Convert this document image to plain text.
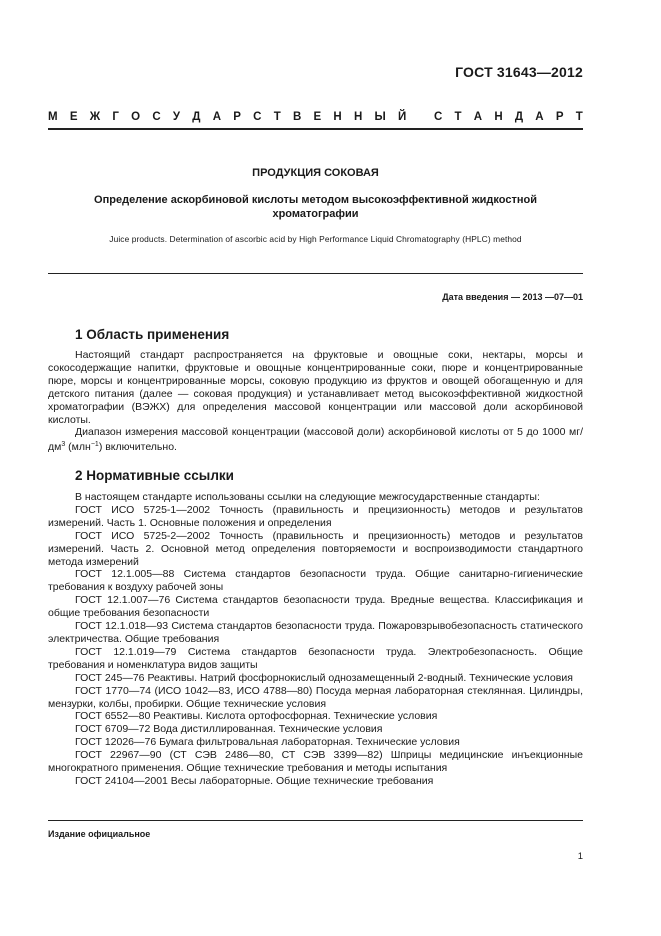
ГОСТ 31643—2012
М Е Ж Г О С У Д А Р С Т В Е Н Н Ы Й
С Т А Н Д А Р Т
ПРОДУКЦИЯ СОКОВАЯ
Определение аскорбиновой кислоты методом высокоэффективной жидкостной хроматографии
Juice products. Determination of ascorbic acid by High Performance Liquid Chromatography (HPLC) method
Дата введения — 2013 —07—01
1 Область применения

Настоящий стандарт распространяется на фруктовые и овощные соки, нектары, морсы и сокосодержащие напитки, фруктовые и овощные концентрированные соки, пюре и концентрированные пюре, морсы и концентрированные морсы, соковую продукцию из фруктов и овощей обогащенную и для детского питания (далее — соковая продукция) и устанавливает метод высокоэффективной жидкостной хроматографии (ВЭЖХ) для определения массовой концентрации или массовой доли аскорбиновой кислоты.

Диапазон измерения массовой концентрации (массовой доли) аскорбиновой кислоты от 5 до 1000 $мг/дм^3$ (млн$^{-1}$) включительно.

2 Нормативные ссылки

В настоящем стандарте использованы ссылки на следующие межгосударственные стандарты:

ГОСТ ИСО 5725-1—2002 Точность (правильность и прецизионность) методов и результатов измерений. Часть 1. Основные положения и определения

ГОСТ ИСО 5725-2—2002 Точность (правильность и прецизионность) методов и результатов измерений. Часть 2. Основной метод определения повторяемости и воспроизводимости стандартного метода измерений

ГОСТ 12.1.005—88 Система стандартов безопасности труда. Общие санитарно-гигиенические требования к воздуху рабочей зоны

ГОСТ 12.1.007—76 Система стандартов безопасности труда. Вредные вещества. Классификация и общие требования безопасности

ГОСТ 12.1.018—93 Система стандартов безопасности труда. Пожаровзрывобезопасность статического электричества. Общие требования

ГОСТ 12.1.019—79 Система стандартов безопасности труда. Электробезопасность. Общие требования и номенклатура видов защиты

ГОСТ 245—76 Реактивы. Натрий фосфорнокислый однозамещенный 2-водный. Технические условия

ГОСТ 1770—74 (ИСО 1042—83, ИСО 4788—80) Посуда мерная лабораторная стеклянная. Цилиндры, мензурки, колбы, пробирки. Общие технические условия

ГОСТ 6552—80 Реактивы. Кислота ортофосфорная. Технические условия

ГОСТ 6709—72 Вода дистиллированная. Технические условия

ГОСТ 12026—76 Бумага фильтровальная лабораторная. Технические условия

ГОСТ 22967—90 (СТ СЭВ 2486—80, СТ СЭВ 3399—82) Шприцы медицинские инъекционные многократного применения. Общие технические требования и методы испытания

ГОСТ 24104—2001 Весы лабораторные. Общие технические требования

Издание официальное
1
